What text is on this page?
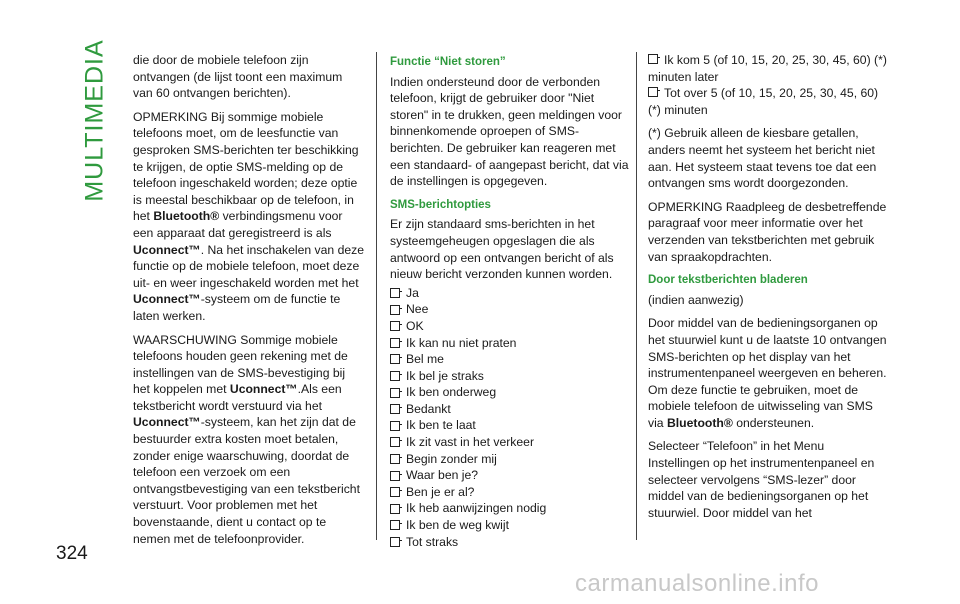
MULTIMEDIA die door de mobiele telefoon zijn ontvangen (de lijst toont een maximum van 60 ontvangen berichten).

OPMERKING Bij sommige mobiele telefoons moet, om de leesfunctie van gesproken SMS-berichten ter beschikking te krijgen, de optie SMS-melding op de telefoon ingeschakeld worden; deze optie is meestal beschikbaar op de telefoon, in het Bluetooth® verbindingsmenu voor een apparaat dat geregistreerd is als Uconnect™. Na het inschakelen van deze functie op de mobiele telefoon, moet deze uit- en weer ingeschakeld worden met het Uconnect™-systeem om de functie te laten werken.

WAARSCHUWING Sommige mobiele telefoons houden geen rekening met de instellingen van de SMS-bevestiging bij het koppelen met Uconnect™.Als een tekstbericht wordt verstuurd via het Uconnect™-systeem, kan het zijn dat de bestuurder extra kosten moet betalen, zonder enige waarschuwing, doordat de telefoon een verzoek om een ontvangstbevestiging van een tekstbericht verstuurt. Voor problemen met het bovenstaande, dient u contact op te nemen met de telefoonprovider.

Functie “Niet storen”

Indien ondersteund door de verbonden telefoon, krijgt de gebruiker door "Niet storen" in te drukken, geen meldingen voor binnenkomende oproepen of SMS-berichten. De gebruiker kan reageren met een standaard- of aangepast bericht, dat via de instellingen is opgegeven.

SMS-berichtopties

Er zijn standaard sms-berichten in het systeemgeheugen opgeslagen die als antwoord op een ontvangen bericht of als nieuw bericht verzonden kunnen worden.

Ja
Nee
OK
Ik kan nu niet praten
Bel me
Ik bel je straks
Ik ben onderweg
Bedankt
Ik ben te laat
Ik zit vast in het verkeer
Begin zonder mij
Waar ben je?
Ben je er al?
Ik heb aanwijzingen nodig
Ik ben de weg kwijt
Tot straks
Ik kom 5 (of 10, 15, 20, 25, 30, 45, 60) (*) minuten later
Tot over 5 (of 10, 15, 20, 25, 30, 45, 60) (*) minuten

(*) Gebruik alleen de kiesbare getallen, anders neemt het systeem het bericht niet aan. Het systeem staat tevens toe dat een ontvangen sms wordt doorgezonden.

OPMERKING Raadpleeg de desbetreffende paragraaf voor meer informatie over het verzenden van tekstberichten met gebruik van spraakopdrachten.

Door tekstberichten bladeren

(indien aanwezig)

Door middel van de bedieningsorganen op het stuurwiel kunt u de laatste 10 ontvangen SMS-berichten op het display van het instrumentenpaneel weergeven en beheren. Om deze functie te gebruiken, moet de mobiele telefoon de uitwisseling van SMS via Bluetooth® ondersteunen.

Selecteer “Telefoon” in het Menu Instellingen op het instrumentenpaneel en selecteer vervolgens “SMS-lezer” door middel van de bedieningsorganen op het stuurwiel. Door middel van het

324
carmanualsonline.info
